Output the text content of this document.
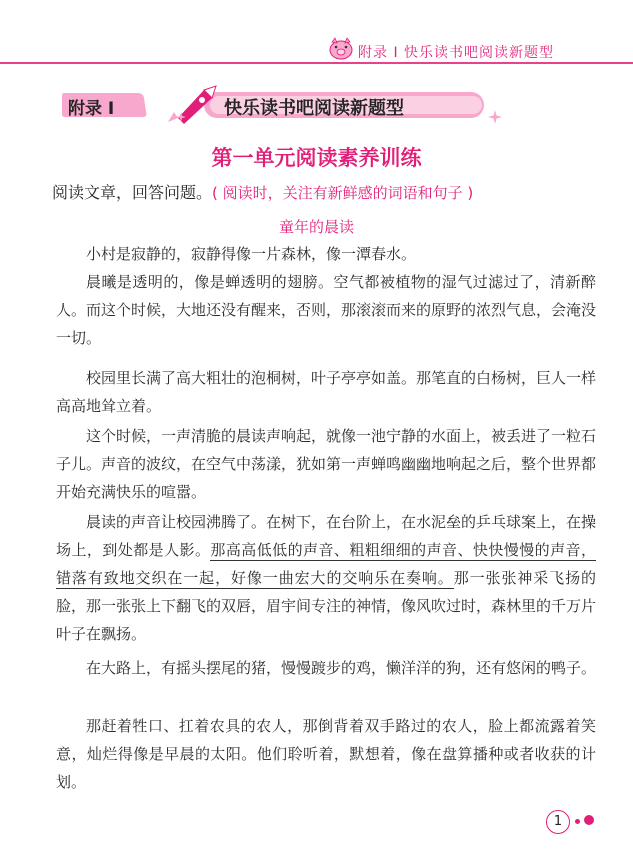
附录 I 快乐读书吧阅读新题型
附录 I	快乐读书吧阅读新题型
第一单元阅读素养训练
阅读文章，回答问题。( 阅读时，关注有新鲜感的词语和句子 )
童年的晨读

小村是寂静的，寂静得像一片森林，像一潭春水。

晨曦是透明的，像是蝉透明的翅膀。空气都被植物的湿气过滤过了，清新醉人。而这个时候，大地还没有醒来，否则，那滚滚而来的原野的浓烈气息，会淹没一切。

校园里长满了高大粗壮的泡桐树，叶子亭亭如盖。那笔直的白杨树，巨人一样高高地耸立着。

这个时候，一声清脆的晨读声响起，就像一池宁静的水面上，被丢进了一粒石子儿。声音的波纹，在空气中荡漾，犹如第一声蝉鸣幽幽地响起之后，整个世界都开始充满快乐的喧嚣。

晨读的声音让校园沸腾了。在树下，在台阶上，在水泥垒的乒乓球案上，在操场上，到处都是人影。那高高低低的声音、粗粗细细的声音、快快慢慢的声音，错落有致地交织在一起，好像一曲宏大的交响乐在奏响。那一张张神采飞扬的脸，那一张张上下翻飞的双唇，眉宇间专注的神情，像风吹过时，森林里的千万片叶子在飘扬。

在大路上，有摇头摆尾的猪，慢慢踱步的鸡，懒洋洋的狗，还有悠闲的鸭子。

那赶着牲口、扛着农具的农人，那倒背着双手路过的农人，脸上都流露着笑意，灿烂得像是早晨的太阳。他们聆听着，默想着，像在盘算播种或者收获的计划。

1
